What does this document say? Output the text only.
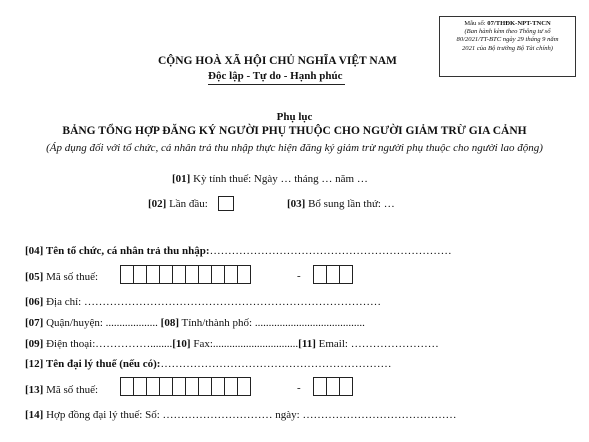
Mẫu số: 07/THĐK-NPT-TNCN
(Ban hành kèm theo Thông tư số
80/2021/TT-BTC ngày 29 tháng 9 năm
2021 của Bộ trưởng Bộ Tài chính)
CỘNG HOÀ XÃ HỘI CHỦ NGHĨA VIỆT NAM
Độc lập - Tự do - Hạnh phúc
Phụ lục
BẢNG TỔNG HỢP ĐĂNG KÝ NGƯỜI PHỤ THUỘC CHO NGƯỜI GIẢM TRỪ GIA CẢNH
(Áp dụng đối với tổ chức, cá nhân trả thu nhập thực hiện đăng ký giảm trừ người phụ thuộc cho người lao động)
[01] Kỳ tính thuế: Ngày … tháng … năm …
[02] Lần đầu:	[03] Bổ sung lần thứ: …
[04] Tên tổ chức, cá nhân trả thu nhập:…………………………………………………………
[05] Mã số thuế:	-
[06] Địa chỉ: ………………………………………………………………………
[07] Quận/huyện: ................... [08] Tỉnh/thành phố: ........................................
[09] Điện thoại:……………........[10] Fax:...............................[11] Email: ……………………
[12] Tên đại lý thuế (nếu có):………………………………………………………
[13] Mã số thuế:	-
[14] Hợp đồng đại lý thuế: Số: ………………………… ngày: ……………………………………
